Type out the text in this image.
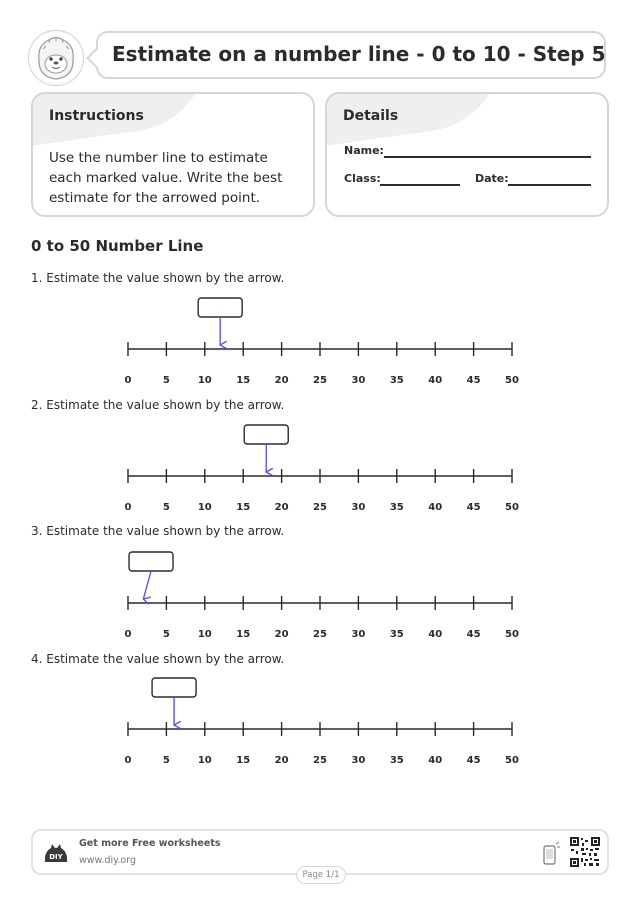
Estimate on a number line - 0 to 10 - Step 5
Instructions
Use the number line to estimate each marked value. Write the best estimate for the arrowed point.
Details
Name:
Class:	Date:
0 to 50 Number Line
1. Estimate the value shown by the arrow.
0	5	10 15 20 25 30 35 40 45 50
2. Estimate the value shown by the arrow.
0	5	10 15 20 25 30 35 40 45 50
3. Estimate the value shown by the arrow.
0	5	10 15 20 25 30 35 40 45 50
4. Estimate the value shown by the arrow.
0	5	10 15 20 25 30 35 40 45 50
DIY
Get more Free worksheets
www.diy.org
Page 1/1
